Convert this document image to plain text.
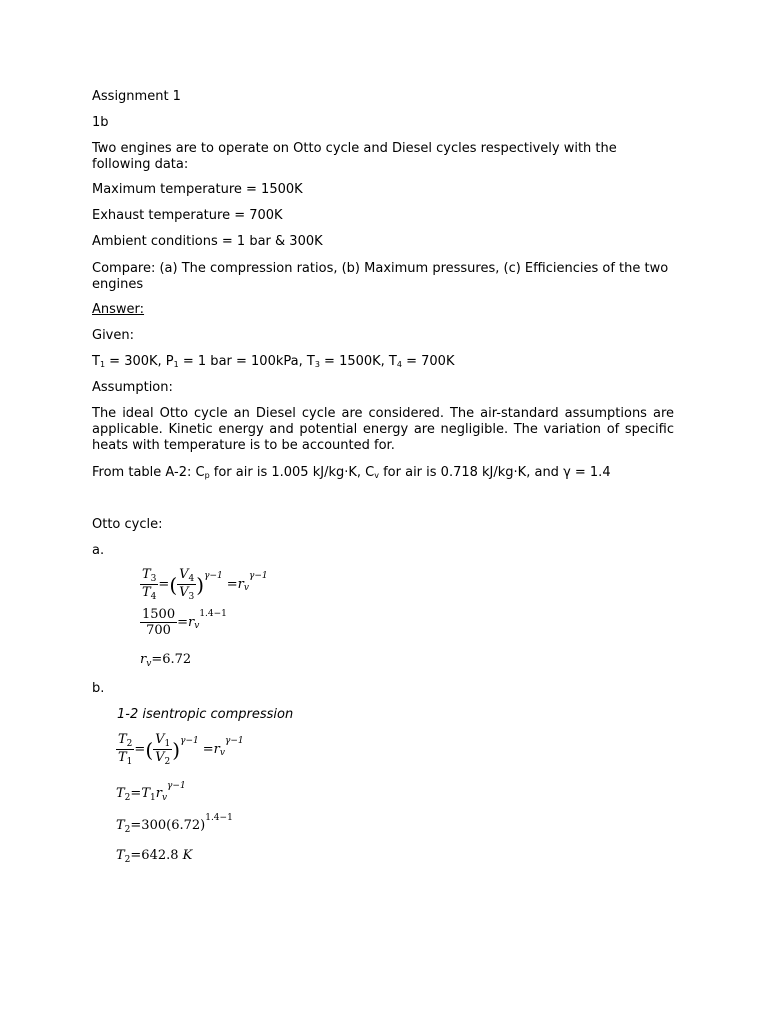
Assignment 1

1b

Two engines are to operate on Otto cycle and Diesel cycles respectively with the following data:

Maximum temperature = 1500K

Exhaust temperature = 700K

Ambient conditions = 1 bar & 300K

Compare: (a) The compression ratios, (b) Maximum pressures, (c) Efficiencies of the two engines

Answer:

Given:

$T_1 = 300K$, $P_1 = 1$ bar = 100kPa, $T_3 = 1500K$, $T_4 = 700K$

Assumption:

The ideal Otto cycle an Diesel cycle are considered. The air-standard assumptions are applicable. Kinetic energy and potential energy are negligible. The variation of specific heats with temperature is to be accounted for.

From table A-2: $C_p$ for air is 1.005 kJ/kg·K, $C_v$ for air is 0.718 kJ/kg·K, and γ = 1.4

Otto cycle:

a.

$\frac{T_3}{T_4}$ = ( $\frac{V_4}{V_3}$ ) γ−1
= r v
γ−1
$\frac{1500}{700} = r$ v
1.4−1
$r_v=6.72$

b.

1-2 isentropic compression

$\frac{T_2}{T_1}$ = ( $\frac{V_1}{V_2}$ ) γ−1
= r v
γ−1
$T_2=T_1r_v^{\gamma-1}$
$T_2=300(6.72)^{1.4-1}$
$T_2=642.8$ K
